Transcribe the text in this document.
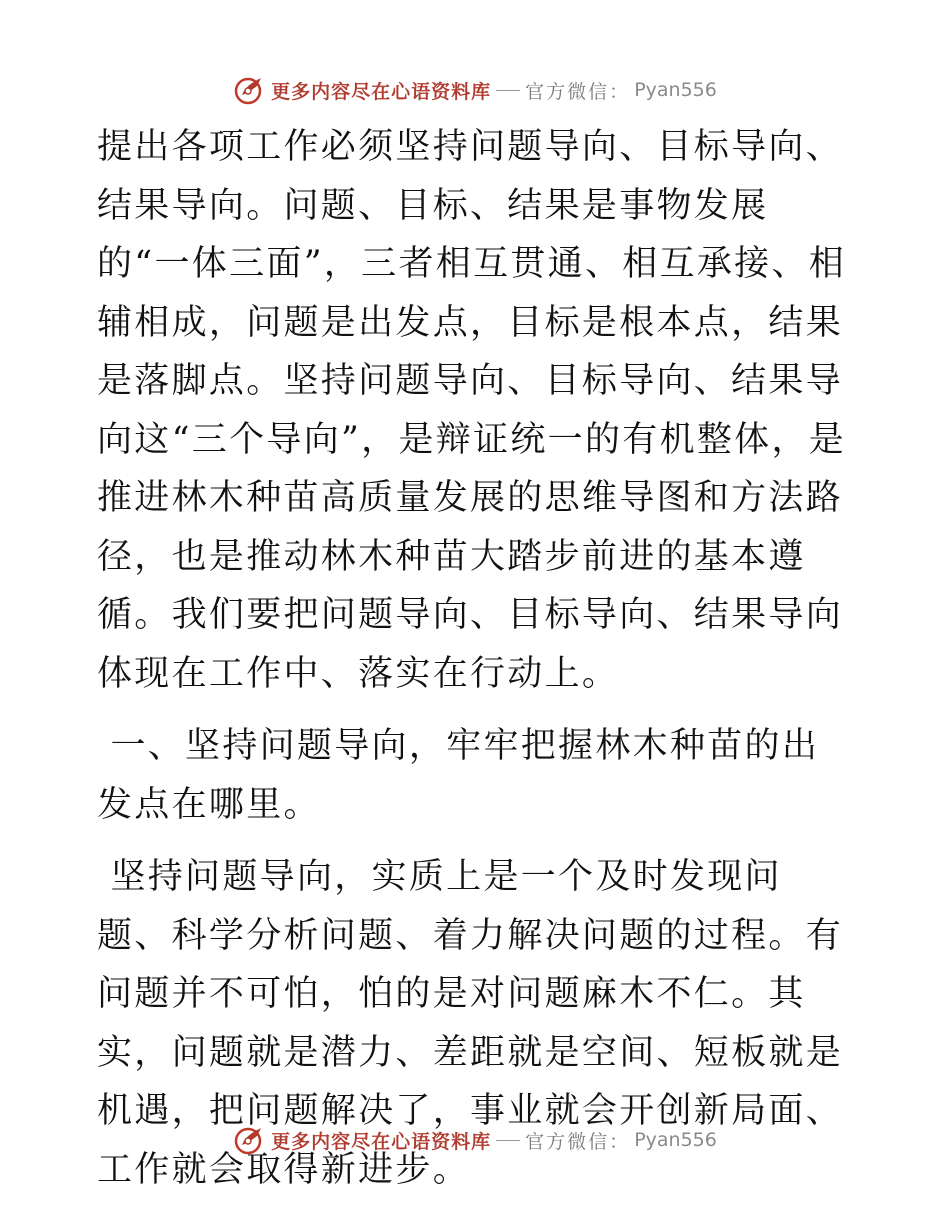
更多内容尽在心语资料库 官方微信： Pyan556

提出各项工作必须坚持问题导向、目标导向、结果导向。问题、目标、结果是事物发展的“一体三面”，三者相互贯通、相互承接、相辅相成，问题是出发点，目标是根本点，结果是落脚点。坚持问题导向、目标导向、结果导向这“三个导向”，是辩证统一的有机整体，是推进林木种苗高质量发展的思维导图和方法路径，也是推动林木种苗大踏步前进的基本遵循。我们要把问题导向、目标导向、结果导向体现在工作中、落实在行动上。

一、坚持问题导向，牢牢把握林木种苗的出发点在哪里。

坚持问题导向，实质上是一个及时发现问题、科学分析问题、着力解决问题的过程。有问题并不可怕，怕的是对问题麻木不仁。其实，问题就是潜力、差距就是空间、短板就是机遇，把问题解决了，事业就会开创新局面、工作就会取得新进步。

更多内容尽在心语资料库 官方微信： Pyan556
